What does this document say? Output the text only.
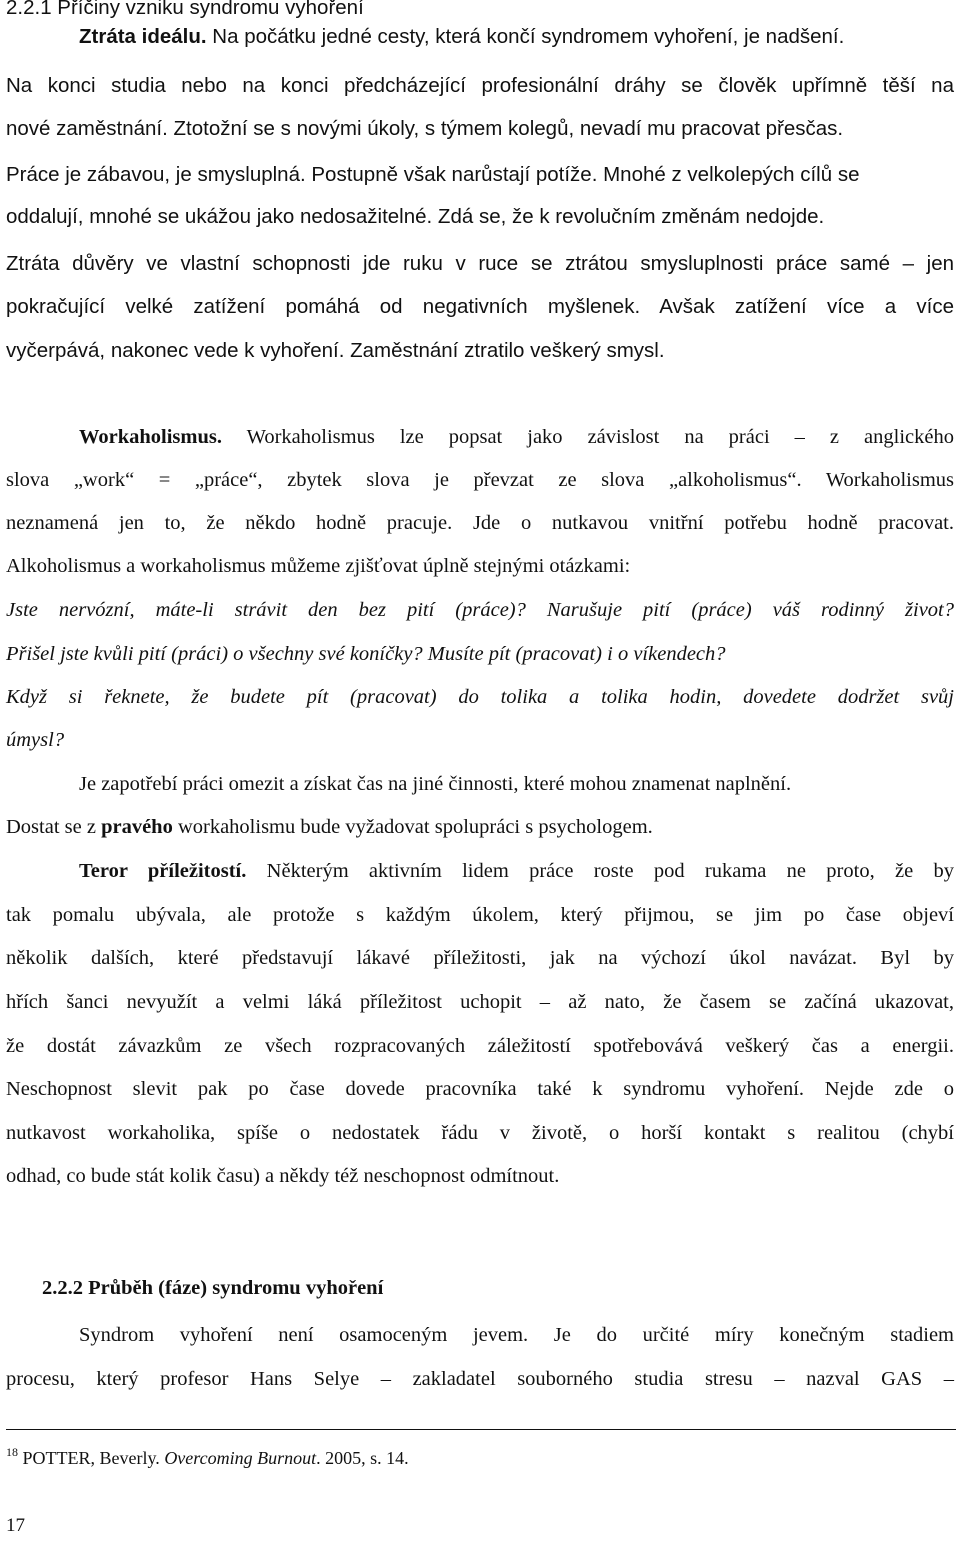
2.2.1 Příčiny vzniku syndromu vyhoření
Ztráta ideálu. Na počátku jedné cesty, která končí syndromem vyhoření, je nadšení.
Na konci studia nebo na konci předcházející profesionální dráhy se člověk upřímně těší na
nové zaměstnání. Ztotožní se s novými úkoly, s týmem kolegů, nevadí mu pracovat přesčas.
Práce je zábavou, je smysluplná. Postupně však narůstají potíže. Mnohé z velkolepých cílů se
oddalují, mnohé se ukážou jako nedosažitelné. Zdá se, že k revolučním změnám nedojde.
Ztráta důvěry ve vlastní schopnosti jde ruku v ruce se ztrátou smysluplnosti práce samé – jen
pokračující velké zatížení pomáhá od negativních myšlenek. Avšak zatížení více a více
vyčerpává, nakonec vede k vyhoření. Zaměstnání ztratilo veškerý smysl.
Workaholismus. Workaholismus lze popsat jako závislost na práci – z anglického
slova „work“ = „práce“, zbytek slova je převzat ze slova „alkoholismus“. Workaholismus
neznamená jen to, že někdo hodně pracuje. Jde o nutkavou vnitřní potřebu hodně pracovat.
Alkoholismus a workaholismus můžeme zjišťovat úplně stejnými otázkami:
Jste nervózní, máte-li strávit den bez pití (práce)? Narušuje pití (práce) váš rodinný život?
Přišel jste kvůli pití (práci) o všechny své koníčky? Musíte pít (pracovat) i o víkendech?
Když si řeknete, že budete pít (pracovat) do tolika a tolika hodin, dovedete dodržet svůj
úmysl?
Je zapotřebí práci omezit a získat čas na jiné činnosti, které mohou znamenat naplnění.
Dostat se z pravého workaholismu bude vyžadovat spolupráci s psychologem.
Teror příležitostí. Některým aktivním lidem práce roste pod rukama ne proto, že by
tak pomalu ubývala, ale protože s každým úkolem, který přijmou, se jim po čase objeví
několik dalších, které představují lákavé příležitosti, jak na výchozí úkol navázat. Byl by
hřích šanci nevyužít a velmi láká příležitost uchopit – až nato, že časem se začíná ukazovat,
že dostát závazkům ze všech rozpracovaných záležitostí spotřebovává veškerý čas a energii.
Neschopnost slevit pak po čase dovede pracovníka také k syndromu vyhoření. Nejde zde o
nutkavost workaholika, spíše o nedostatek řádu v životě, o horší kontakt s realitou (chybí
odhad, co bude stát kolik času) a někdy též neschopnost odmítnout.
2.2.2 Průběh (fáze) syndromu vyhoření
Syndrom vyhoření není osamoceným jevem. Je do určité míry konečným stadiem
procesu, který profesor Hans Selye – zakladatel souborného studia stresu – nazval GAS –
$^{18}$ POTTER, Beverly. Overcoming Burnout. 2005, s. 14.
17
